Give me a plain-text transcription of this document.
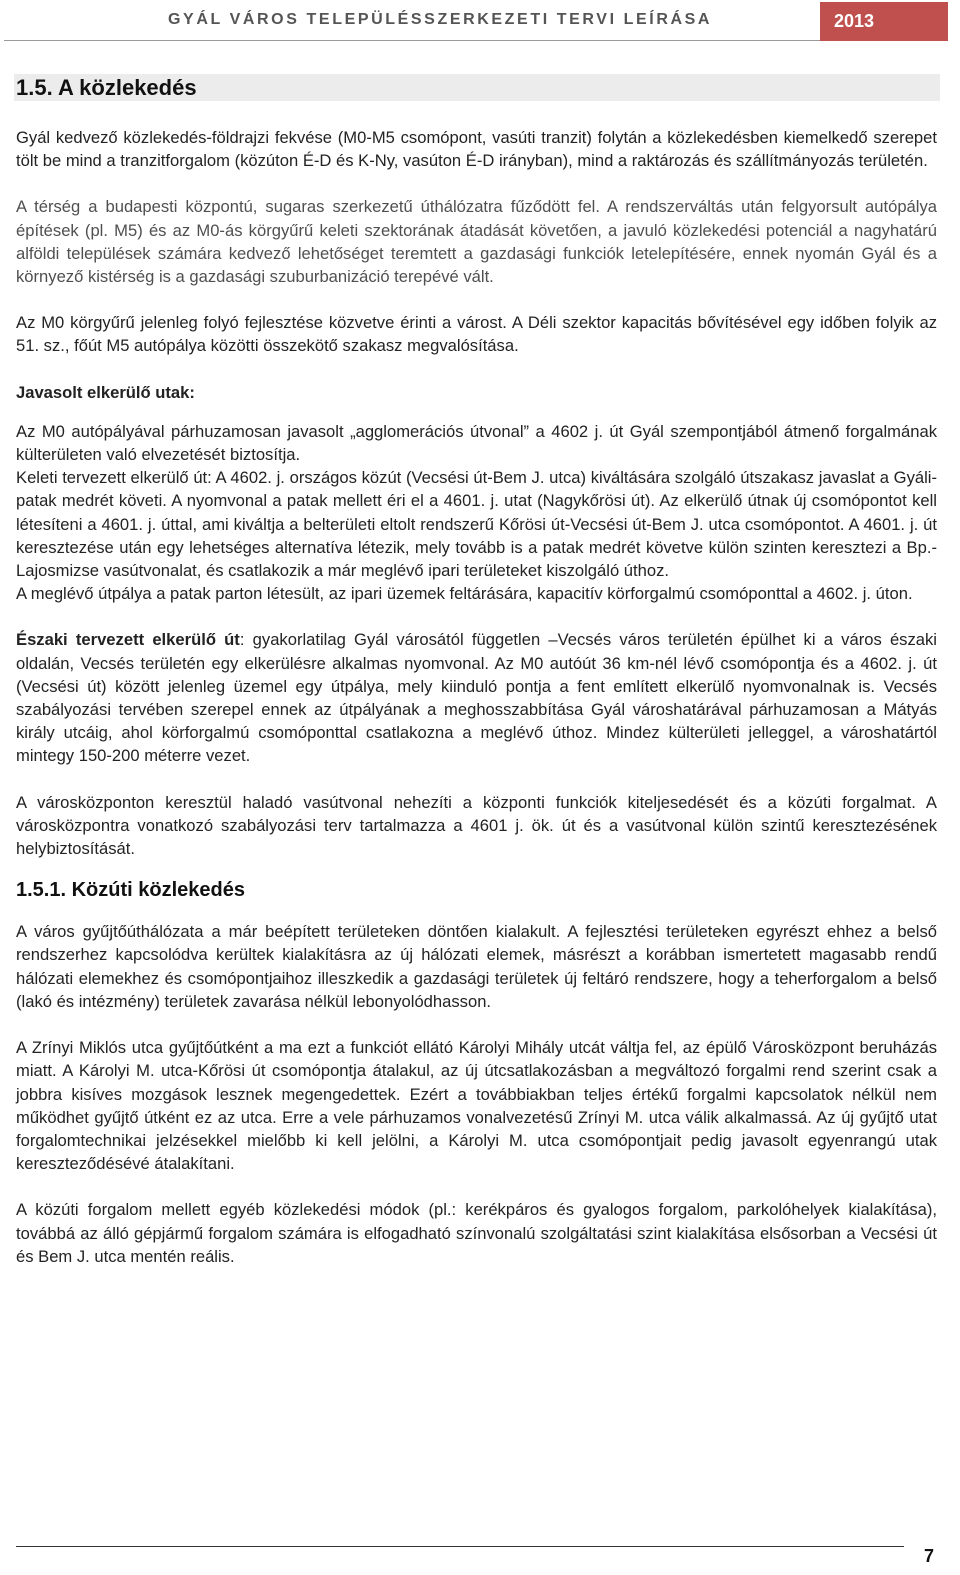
GYÁL VÁROS TELEPÜLÉSSZERKEZETI TERVI LEÍRÁSA	2013
1.5. A közlekedés

Gyál kedvező közlekedés-földrajzi fekvése (M0-M5 csomópont, vasúti tranzit) folytán a közlekedésben kiemelkedő szerepet tölt be mind a tranzitforgalom (közúton É-D és K-Ny, vasúton É-D irányban), mind a raktározás és szállítmányozás területén.

A térség a budapesti központú, sugaras szerkezetű úthálózatra fűződött fel. A rendszerváltás után felgyorsult autópálya építések (pl. M5) és az M0-ás körgyűrű keleti szektorának átadását követően, a javuló közlekedési potenciál a nagyhatárú alföldi települések számára kedvező lehetőséget teremtett a gazdasági funkciók letelepítésére, ennek nyomán Gyál és a környező kistérség is a gazdasági szuburbanizáció terepévé vált.

Az M0 körgyűrű jelenleg folyó fejlesztése közvetve érinti a várost. A Déli szektor kapacitás bővítésével egy időben folyik az 51. sz., főút M5 autópálya közötti összekötő szakasz megvalósítása.

Javasolt elkerülő utak:

Az M0 autópályával párhuzamosan javasolt „agglomerációs útvonal” a 4602 j. út Gyál szempontjából átmenő forgalmának külterületen való elvezetését biztosítja.

Keleti tervezett elkerülő út: A 4602. j. országos közút (Vecsési út-Bem J. utca) kiváltására szolgáló útszakasz javaslat a Gyáli-patak medrét követi. A nyomvonal a patak mellett éri el a 4601. j. utat (Nagykőrösi út). Az elkerülő útnak új csomópontot kell létesíteni a 4601. j. úttal, ami kiváltja a belterületi eltolt rendszerű Kőrösi út-Vecsési út-Bem J. utca csomópontot. A 4601. j. út keresztezése után egy lehetséges alternatíva létezik, mely tovább is a patak medrét követve külön szinten keresztezi a Bp.-Lajosmizse vasútvonalat, és csatlakozik a már meglévő ipari területeket kiszolgáló úthoz.

A meglévő útpálya a patak parton létesült, az ipari üzemek feltárására, kapacitív körforgalmú csomóponttal a 4602. j. úton.

Északi tervezett elkerülő út: gyakorlatilag Gyál városától független –Vecsés város területén épülhet ki a város északi oldalán, Vecsés területén egy elkerülésre alkalmas nyomvonal. Az M0 autóút 36 km-nél lévő csomópontja és a 4602. j. út (Vecsési út) között jelenleg üzemel egy útpálya, mely kiinduló pontja a fent említett elkerülő nyomvonalnak is. Vecsés szabályozási tervében szerepel ennek az útpályának a meghosszabbítása Gyál városhatárával párhuzamosan a Mátyás király utcáig, ahol körforgalmú csomóponttal csatlakozna a meglévő úthoz. Mindez külterületi jelleggel, a városhatártól mintegy 150-200 méterre vezet.

A városközponton keresztül haladó vasútvonal nehezíti a központi funkciók kiteljesedését és a közúti forgalmat. A városközpontra vonatkozó szabályozási terv tartalmazza a 4601 j. ök. út és a vasútvonal külön szintű keresztezésének helybiztosítását.

1.5.1. Közúti közlekedés

A város gyűjtőúthálózata a már beépített területeken döntően kialakult. A fejlesztési területeken egyrészt ehhez a belső rendszerhez kapcsolódva kerültek kialakításra az új hálózati elemek, másrészt a korábban ismertetett magasabb rendű hálózati elemekhez és csomópontjaihoz illeszkedik a gazdasági területek új feltáró rendszere, hogy a teherforgalom a belső (lakó és intézmény) területek zavarása nélkül lebonyolódhasson.

A Zrínyi Miklós utca gyűjtőútként a ma ezt a funkciót ellátó Károlyi Mihály utcát váltja fel, az épülő Városközpont beruházás miatt. A Károlyi M. utca-Kőrösi út csomópontja átalakul, az új útcsatlakozásban a megváltozó forgalmi rend szerint csak a jobbra kisíves mozgások lesznek megengedettek. Ezért a továbbiakban teljes értékű forgalmi kapcsolatok nélkül nem működhet gyűjtő útként ez az utca. Erre a vele párhuzamos vonalvezetésű Zrínyi M. utca válik alkalmassá. Az új gyűjtő utat forgalomtechnikai jelzésekkel mielőbb ki kell jelölni, a Károlyi M. utca csomópontjait pedig javasolt egyenrangú utak kereszteződésévé átalakítani.

A közúti forgalom mellett egyéb közlekedési módok (pl.: kerékpáros és gyalogos forgalom, parkolóhelyek kialakítása), továbbá az álló gépjármű forgalom számára is elfogadható színvonalú szolgáltatási szint kialakítása elsősorban a Vecsési út és Bem J. utca mentén reális.

7
